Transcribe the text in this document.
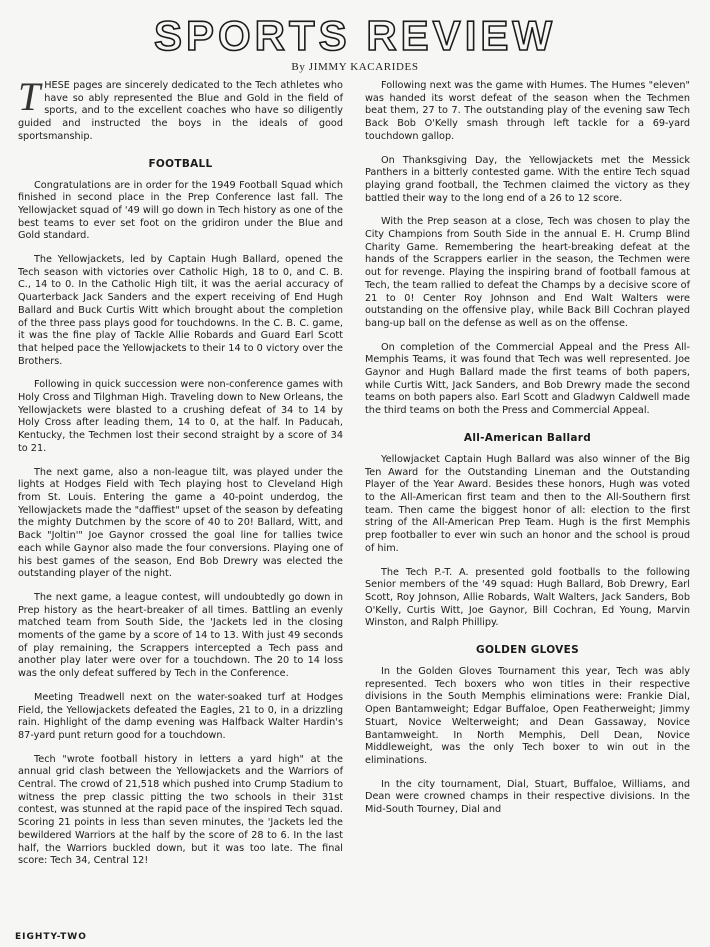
SPORTS REVIEW
By JIMMY KACARIDES

THESE pages are sincerely dedicated to the Tech athletes who have so ably represented the Blue and Gold in the field of sports, and to the excellent coaches who have so diligently guided and instructed the boys in the ideals of good sportsmanship.

FOOTBALL

Congratulations are in order for the 1949 Football Squad which finished in second place in the Prep Conference last fall. The Yellowjacket squad of '49 will go down in Tech history as one of the best teams to ever set foot on the gridiron under the Blue and Gold standard.

The Yellowjackets, led by Captain Hugh Ballard, opened the Tech season with victories over Catholic High, 18 to 0, and C. B. C., 14 to 0. In the Catholic High tilt, it was the aerial accuracy of Quarterback Jack Sanders and the expert receiving of End Hugh Ballard and Buck Curtis Witt which brought about the completion of the three pass plays good for touchdowns. In the C. B. C. game, it was the fine play of Tackle Allie Robards and Guard Earl Scott that helped pace the Yellowjackets to their 14 to 0 victory over the Brothers.

Following in quick succession were non-conference games with Holy Cross and Tilghman High. Traveling down to New Orleans, the Yellowjackets were blasted to a crushing defeat of 34 to 14 by Holy Cross after leading them, 14 to 0, at the half. In Paducah, Kentucky, the Techmen lost their second straight by a score of 34 to 21.

The next game, also a non-league tilt, was played under the lights at Hodges Field with Tech playing host to Cleveland High from St. Louis. Entering the game a 40-point underdog, the Yellowjackets made the "daffiest" upset of the season by defeating the mighty Dutchmen by the score of 40 to 20! Ballard, Witt, and Back "Joltin'" Joe Gaynor crossed the goal line for tallies twice each while Gaynor also made the four conversions. Playing one of his best games of the season, End Bob Drewry was elected the outstanding player of the night.

The next game, a league contest, will undoubtedly go down in Prep history as the heart-breaker of all times. Battling an evenly matched team from South Side, the 'Jackets led in the closing moments of the game by a score of 14 to 13. With just 49 seconds of play remaining, the Scrappers intercepted a Tech pass and another play later were over for a touchdown. The 20 to 14 loss was the only defeat suffered by Tech in the Conference.

Meeting Treadwell next on the water-soaked turf at Hodges Field, the Yellowjackets defeated the Eagles, 21 to 0, in a drizzling rain. Highlight of the damp evening was Halfback Walter Hardin's 87-yard punt return good for a touchdown.

Tech "wrote football history in letters a yard high" at the annual grid clash between the Yellowjackets and the Warriors of Central. The crowd of 21,518 which pushed into Crump Stadium to witness the prep classic pitting the two schools in their 31st contest, was stunned at the rapid pace of the inspired Tech squad. Scoring 21 points in less than seven minutes, the 'Jackets led the bewildered Warriors at the half by the score of 28 to 6. In the last half, the Warriors buckled down, but it was too late. The final score: Tech 34, Central 12!

Following next was the game with Humes. The Humes "eleven" was handed its worst defeat of the season when the Techmen beat them, 27 to 7. The outstanding play of the evening saw Tech Back Bob O'Kelly smash through left tackle for a 69-yard touchdown gallop.

On Thanksgiving Day, the Yellowjackets met the Messick Panthers in a bitterly contested game. With the entire Tech squad playing grand football, the Techmen claimed the victory as they battled their way to the long end of a 26 to 12 score.

With the Prep season at a close, Tech was chosen to play the City Champions from South Side in the annual E. H. Crump Blind Charity Game. Remembering the heart-breaking defeat at the hands of the Scrappers earlier in the season, the Techmen were out for revenge. Playing the inspiring brand of football famous at Tech, the team rallied to defeat the Champs by a decisive score of 21 to 0! Center Roy Johnson and End Walt Walters were outstanding on the offensive play, while Back Bill Cochran played bang-up ball on the defense as well as on the offense.

On completion of the Commercial Appeal and the Press All-Memphis Teams, it was found that Tech was well represented. Joe Gaynor and Hugh Ballard made the first teams of both papers, while Curtis Witt, Jack Sanders, and Bob Drewry made the second teams on both papers also. Earl Scott and Gladwyn Caldwell made the third teams on both the Press and Commercial Appeal.

All-American Ballard

Yellowjacket Captain Hugh Ballard was also winner of the Big Ten Award for the Outstanding Lineman and the Outstanding Player of the Year Award. Besides these honors, Hugh was voted to the All-American first team and then to the All-Southern first team. Then came the biggest honor of all: election to the first string of the All-American Prep Team. Hugh is the first Memphis prep footballer to ever win such an honor and the school is proud of him.

The Tech P.-T. A. presented gold footballs to the following Senior members of the '49 squad: Hugh Ballard, Bob Drewry, Earl Scott, Roy Johnson, Allie Robards, Walt Walters, Jack Sanders, Bob O'Kelly, Curtis Witt, Joe Gaynor, Bill Cochran, Ed Young, Marvin Winston, and Ralph Phillipy.

GOLDEN GLOVES

In the Golden Gloves Tournament this year, Tech was ably represented. Tech boxers who won titles in their respective divisions in the South Memphis eliminations were: Frankie Dial, Open Bantamweight; Edgar Buffaloe, Open Featherweight; Jimmy Stuart, Novice Welterweight; and Dean Gassaway, Novice Bantamweight. In North Memphis, Dell Dean, Novice Middleweight, was the only Tech boxer to win out in the eliminations.

In the city tournament, Dial, Stuart, Buffaloe, Williams, and Dean were crowned champs in their respective divisions. In the Mid-South Tourney, Dial and

EIGHTY-TWO
